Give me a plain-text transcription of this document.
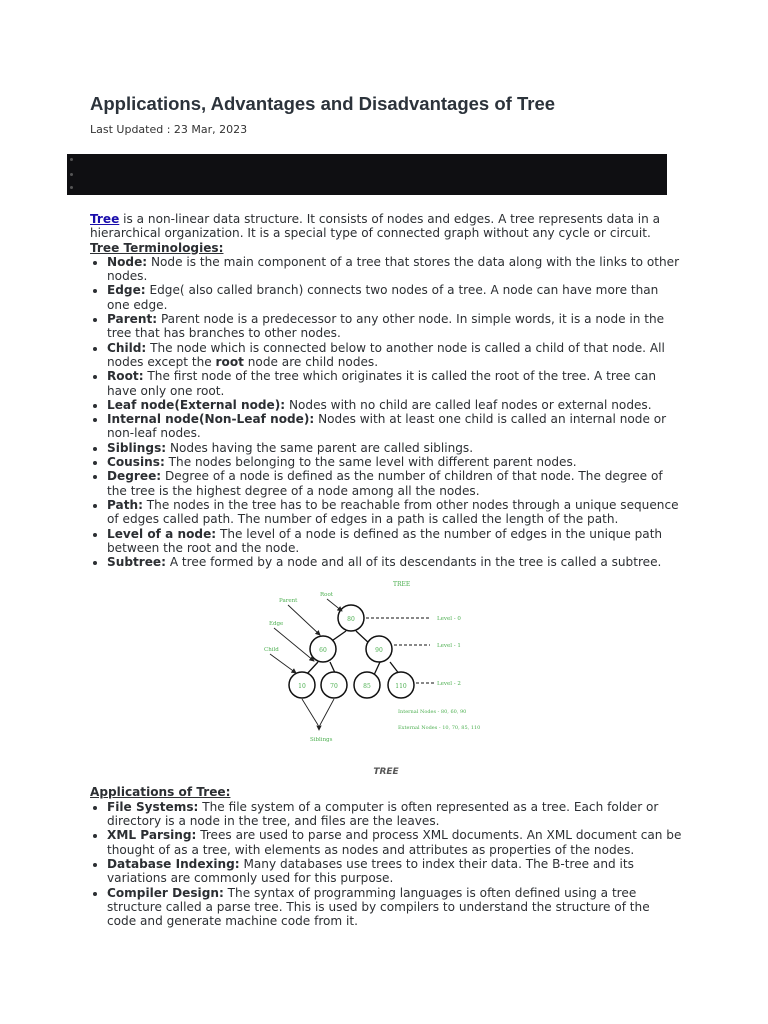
Applications, Advantages and Disadvantages of Tree
Last Updated : 23 Mar, 2023

Tree is a non-linear data structure. It consists of nodes and edges. A tree represents data in a hierarchical organization. It is a special type of connected graph without any cycle or circuit.

Tree Terminologies:
• Node: Node is the main component of a tree that stores the data along with the links to other nodes.
• Edge: Edge( also called branch) connects two nodes of a tree. A node can have more than one edge.
• Parent: Parent node is a predecessor to any other node. In simple words, it is a node in the tree that has branches to other nodes.
• Child: The node which is connected below to another node is called a child of that node. All nodes except the root node are child nodes.
• Root: The first node of the tree which originates it is called the root of the tree. A tree can have only one root.
• Leaf node(External node): Nodes with no child are called leaf nodes or external nodes.
• Internal node(Non-Leaf node): Nodes with at least one child is called an internal node or non-leaf nodes.
• Siblings: Nodes having the same parent are called siblings.
• Cousins: The nodes belonging to the same level with different parent nodes.
• Degree: Degree of a node is defined as the number of children of that node. The degree of the tree is the highest degree of a node among all the nodes.
• Path: The nodes in the tree has to be reachable from other nodes through a unique sequence of edges called path. The number of edges in a path is called the length of the path.
• Level of a node: The level of a node is defined as the number of edges in the unique path between the root and the node.
• Subtree: A tree formed by a node and all of its descendants in the tree is called a subtree.
TREE
80
60	90
10	70	85	110
Level - 0
Level - 1
Level - 2
Parent
Root
Edge
Child
Siblings
Internal Nodes - 80, 60, 90
External Nodes - 10, 70, 85, 110
TREE
Applications of Tree:
• File Systems: The file system of a computer is often represented as a tree. Each folder or directory is a node in the tree, and files are the leaves.
• XML Parsing: Trees are used to parse and process XML documents. An XML document can be thought of as a tree, with elements as nodes and attributes as properties of the nodes.
• Database Indexing: Many databases use trees to index their data. The B-tree and its variations are commonly used for this purpose.
• Compiler Design: The syntax of programming languages is often defined using a tree structure called a parse tree. This is used by compilers to understand the structure of the code and generate machine code from it.
